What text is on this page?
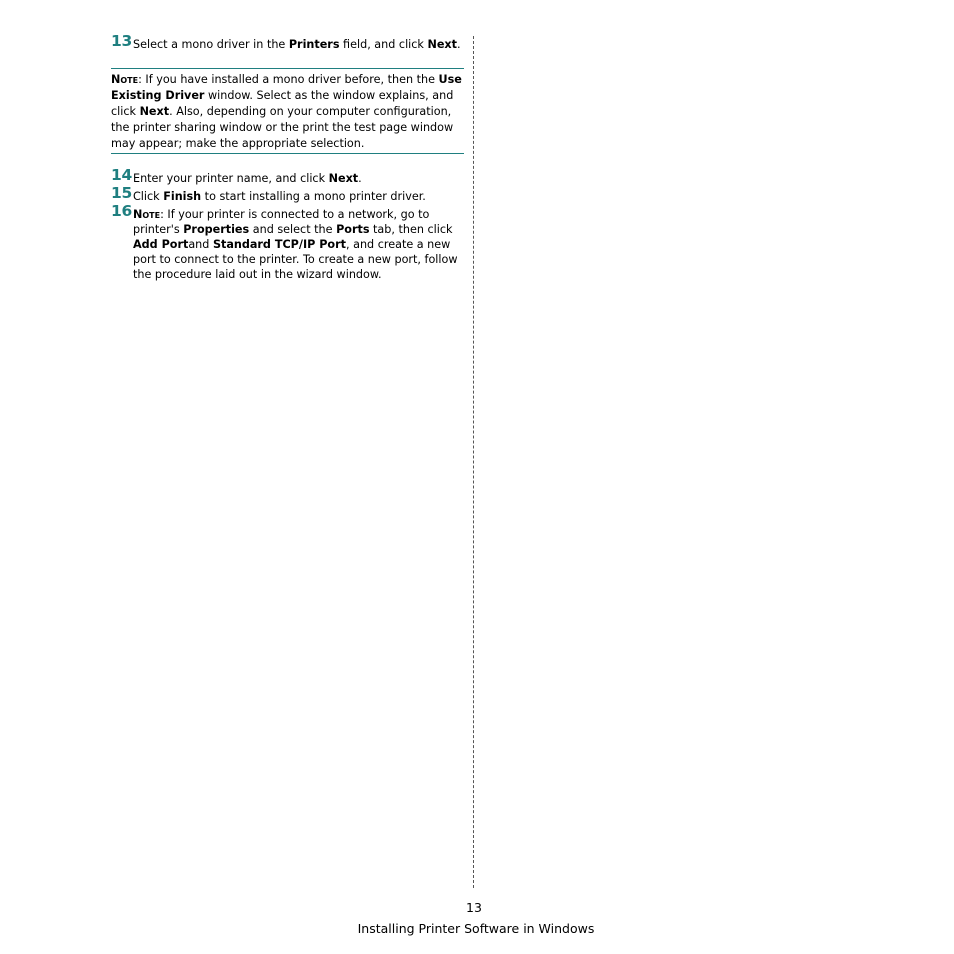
13 Select a mono driver in the Printers field, and click Next.
Note: If you have installed a mono driver before, then the Use Existing Driver window. Select as the window explains, and click Next. Also, depending on your computer configuration, the printer sharing window or the print the test page window may appear; make the appropriate selection.
14 Enter your printer name, and click Next.
15 Click Finish to start installing a mono printer driver.
16 Note: If your printer is connected to a network, go to printer's Properties and select the Ports tab, then click Add Portand Standard TCP/IP Port, and create a new port to connect to the printer. To create a new port, follow the procedure laid out in the wizard window.
13
Installing Printer Software in Windows
